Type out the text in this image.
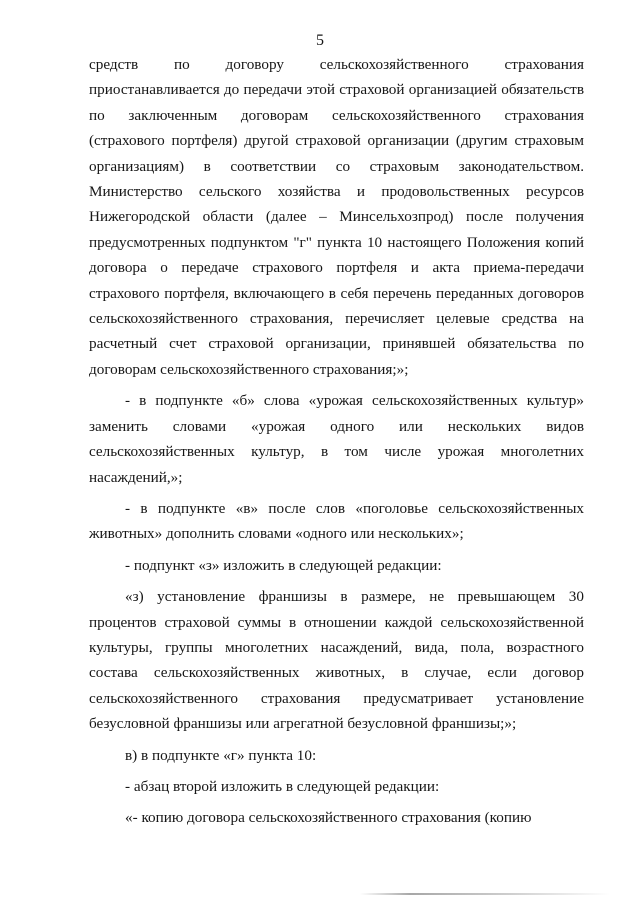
5

средств по договору сельскохозяйственного страхования приостанавливается до передачи этой страховой организацией обязательств по заключенным договорам сельскохозяйственного страхования (страхового портфеля) другой страховой организации (другим страховым организациям) в соответствии со страховым законодательством. Министерство сельского хозяйства и продовольственных ресурсов Нижегородской области (далее – Минсельхозпрод) после получения предусмотренных подпунктом "г" пункта 10 настоящего Положения копий договора о передаче страхового портфеля и акта приема-передачи страхового портфеля, включающего в себя перечень переданных договоров сельскохозяйственного страхования, перечисляет целевые средства на расчетный счет страховой организации, принявшей обязательства по договорам сельскохозяйственного страхования;»;

- в подпункте «б» слова «урожая сельскохозяйственных культур» заменить словами «урожая одного или нескольких видов сельскохозяйственных культур, в том числе урожая многолетних насаждений,»;

- в подпункте «в» после слов «поголовье сельскохозяйственных животных» дополнить словами «одного или нескольких»;

- подпункт «з» изложить в следующей редакции:

«з) установление франшизы в размере, не превышающем 30 процентов страховой суммы в отношении каждой сельскохозяйственной культуры, группы многолетних насаждений, вида, пола, возрастного состава сельскохозяйственных животных, в случае, если договор сельскохозяйственного страхования предусматривает установление безусловной франшизы или агрегатной безусловной франшизы;»;

в) в подпункте «г» пункта 10:

- абзац второй изложить в следующей редакции:

«- копию договора сельскохозяйственного страхования (копию
